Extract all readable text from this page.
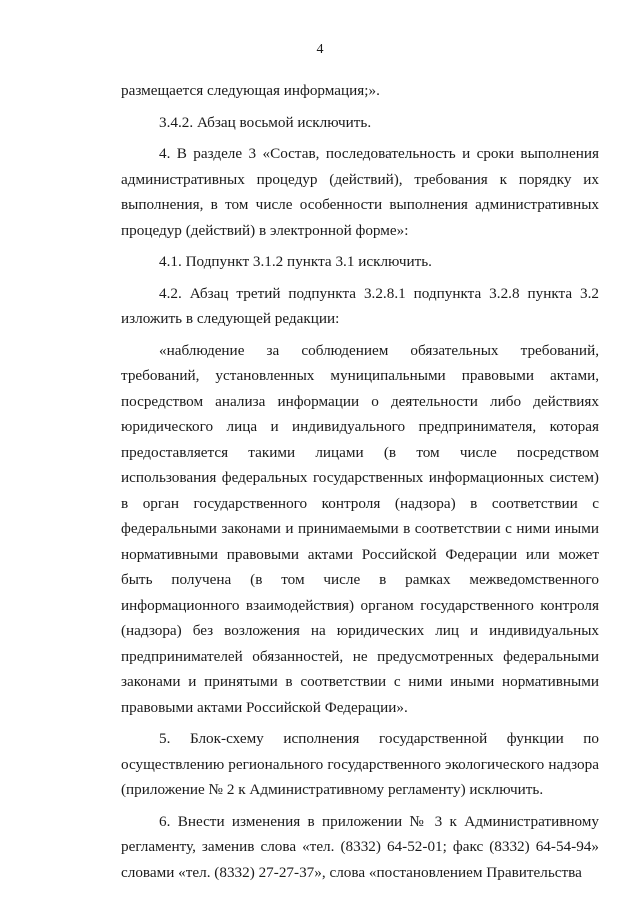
4

размещается следующая информация;».

3.4.2. Абзац восьмой исключить.

4. В разделе 3 «Состав, последовательность и сроки выполнения административных процедур (действий), требования к порядку их выполнения, в том числе особенности выполнения административных процедур (действий) в электронной форме»:

4.1. Подпункт 3.1.2 пункта 3.1 исключить.

4.2. Абзац третий подпункта 3.2.8.1 подпункта 3.2.8 пункта 3.2 изложить в следующей редакции:

«наблюдение за соблюдением обязательных требований, требований, установленных муниципальными правовыми актами, посредством анализа информации о деятельности либо действиях юридического лица и индивидуального предпринимателя, которая предоставляется такими лицами (в том числе посредством использования федеральных государственных информационных систем) в орган государственного контроля (надзора) в соответствии с федеральными законами и принимаемыми в соответствии с ними иными нормативными правовыми актами Российской Федерации или может быть получена (в том числе в рамках межведомственного информационного взаимодействия) органом государственного контроля (надзора) без возложения на юридических лиц и индивидуальных предпринимателей обязанностей, не предусмотренных федеральными законами и принятыми в соответствии с ними иными нормативными правовыми актами Российской Федерации».

5. Блок-схему исполнения государственной функции по осуществлению регионального государственного экологического надзора (приложение № 2 к Административному регламенту) исключить.

6. Внести изменения в приложении № 3 к Административному регламенту, заменив слова «тел. (8332) 64-52-01; факс (8332) 64-54-94» словами «тел. (8332) 27-27-37», слова «постановлением Правительства
